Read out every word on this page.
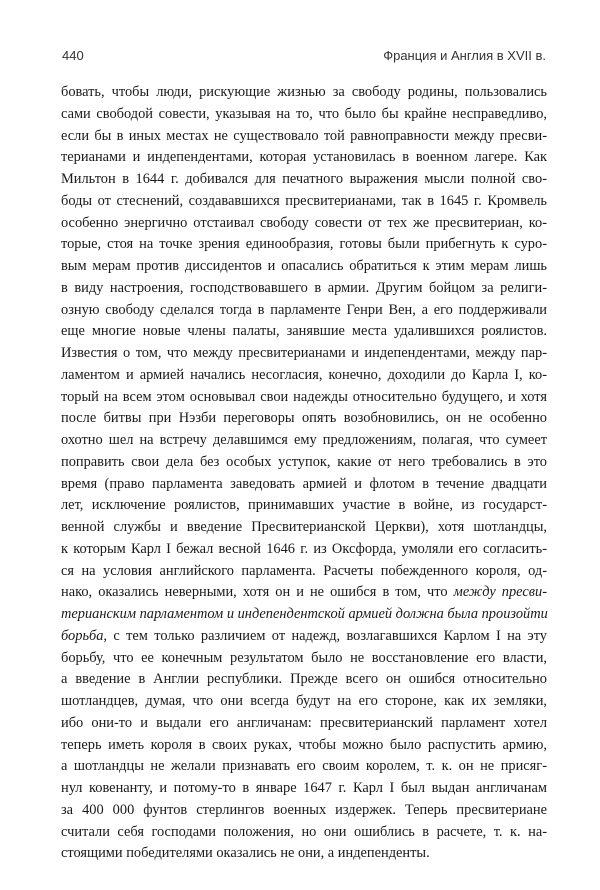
440	Франция и Англия в XVII в.
бовать, чтобы люди, рискующие жизнью за свободу родины, пользовались
сами свободой совести, указывая на то, что было бы крайне несправедливо,
если бы в иных местах не существовало той равноправности между пресви-
терианами и индепендентами, которая установилась в военном лагере. Как
Мильтон в 1644 г. добивался для печатного выражения мысли полной сво-
боды от стеснений, создававшихся пресвитерианами, так в 1645 г. Кромвель
особенно энергично отстаивал свободу совести от тех же пресвитериан, ко-
торые, стоя на точке зрения единообразия, готовы были прибегнуть к суро-
вым мерам против диссидентов и опасались обратиться к этим мерам лишь
в виду настроения, господствовавшего в армии. Другим бойцом за религи-
озную свободу сделался тогда в парламенте Генри Вен, а его поддерживали
еще многие новые члены палаты, занявшие места удалившихся роялистов.
Известия о том, что между пресвитерианами и индепендентами, между пар-
ламентом и армией начались несогласия, конечно, доходили до Карла I, ко-
торый на всем этом основывал свои надежды относительно будущего, и хотя
после битвы при Нэзби переговоры опять возобновились, он не особенно
охотно шел на встречу делавшимся ему предложениям, полагая, что сумеет
поправить свои дела без особых уступок, какие от него требовались в это
время (право парламента заведовать армией и флотом в течение двадцати
лет, исключение роялистов, принимавших участие в войне, из государст-
венной службы и введение Пресвитерианской Церкви), хотя шотландцы,
к которым Карл I бежал весной 1646 г. из Оксфорда, умоляли его согласить-
ся на условия английского парламента. Расчеты побежденного короля, од-
нако, оказались неверными, хотя он и не ошибся в том, что между пресви-
терианским парламентом и индепендентской армией должна была произойти
борьба, с тем только различием от надежд, возлагавшихся Карлом I на эту
борьбу, что ее конечным результатом было не восстановление его власти,
а введение в Англии республики. Прежде всего он ошибся относительно
шотландцев, думая, что они всегда будут на его стороне, как их земляки,
ибо они-то и выдали его англичанам: пресвитерианский парламент хотел
теперь иметь короля в своих руках, чтобы можно было распустить армию,
а шотландцы не желали признавать его своим королем, т. к. он не присяг-
нул ковенанту, и потому-то в январе 1647 г. Карл I был выдан англичанам
за 400 000 фунтов стерлингов военных издержек. Теперь пресвитериане
считали себя господами положения, но они ошиблись в расчете, т. к. на-
стоящими победителями оказались не они, а индепенденты.
